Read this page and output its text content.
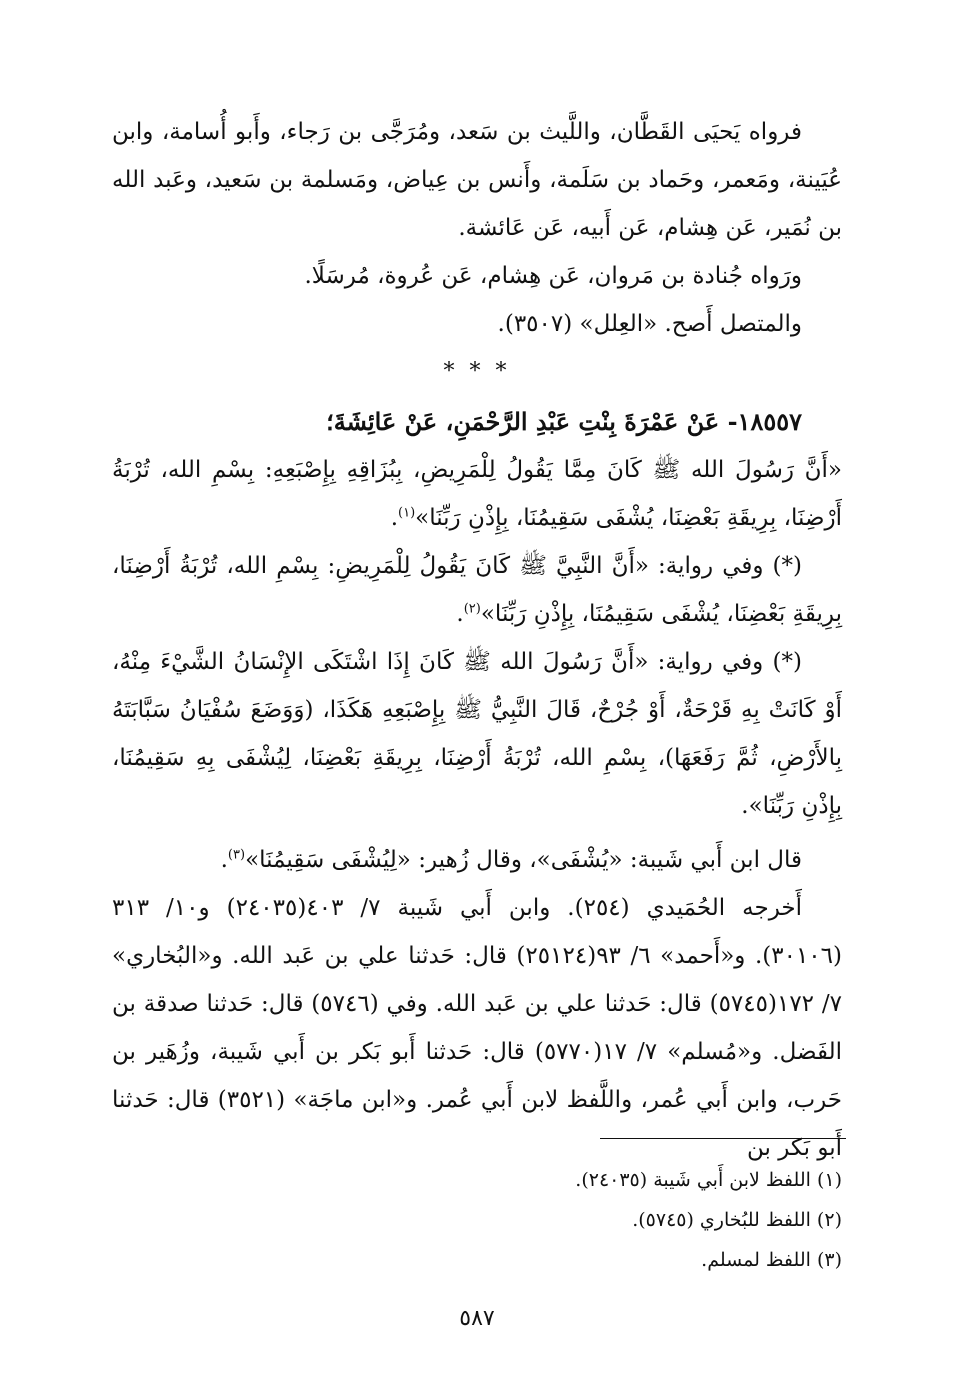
فرواه يَحيَى القَطَّان، واللَّيث بن سَعد، ومُرَجَّى بن رَجاء، وأَبو أُسامة، وابن عُيَينة، ومَعمر، وحَماد بن سَلَمة، وأَنس بن عِياض، ومَسلمة بن سَعيد، وعَبد الله بن نُمَير، عَن هِشام، عَن أَبيه، عَن عَائشة.

ورَواه جُنادة بن مَروان، عَن هِشام، عَن عُروة، مُرسَلًا.

والمتصل أَصح. «العِلل» (٣٥٠٧).

* * *

١٨٥٥٧- عَنْ عَمْرَةَ بِنْتِ عَبْدِ الرَّحْمَنِ، عَنْ عَائِشَةَ؛

«أَنَّ رَسُولَ الله ﷺ كَانَ مِمَّا يَقُولُ لِلْمَرِيضِ، بِبُزَاقِهِ بِإِصْبَعِهِ: بِسْمِ الله، تُرْبَةُ أَرْضِنَا، بِرِيقَةِ بَعْضِنَا، يُشْفَى سَقِيمُنَا، بِإِذْنِ رَبِّنَا»$^{(١)}$.

(*) وفي رواية: «أَنَّ النَّبِيَّ ﷺ كَانَ يَقُولُ لِلْمَرِيضِ: بِسْمِ الله، تُرْبَةُ أَرْضِنَا، بِرِيقَةِ بَعْضِنَا، يُشْفَى سَقِيمُنَا، بِإِذْنِ رَبِّنَا»$^{(٢)}$.

(*) وفي رواية: «أَنَّ رَسُولَ الله ﷺ كَانَ إِذَا اشْتَكَى الإِنْسَانُ الشَّيْءَ مِنْهُ، أَوْ كَانَتْ بِهِ قَرْحَةٌ، أَوْ جُرْحٌ، قَالَ النَّبِيُّ ﷺ بِإِصْبَعِهِ هَكَذَا، (وَوَضَعَ سُفْيَانُ سَبَّابَتَهُ بِالأَرْضِ، ثُمَّ رَفَعَهَا)، بِسْمِ الله، تُرْبَةُ أَرْضِنَا، بِرِيقَةِ بَعْضِنَا، لِيُشْفَى بِهِ سَقِيمُنَا، بِإِذْنِ رَبِّنَا».

قال ابن أَبي شَيبة: «يُشْفَى»، وقال زُهير: «لِيُشْفَى سَقِيمُنَا»$^{(٣)}$.

أَخرجه الحُمَيدي (٢٥٤). وابن أَبي شَيبة ٧/ ٤٠٣(٢٤٠٣٥) و١٠/ ٣١٣ (٣٠١٠٦). و«أَحمد» ٦/ ٩٣(٢٥١٢٤) قال: حَدثنا علي بن عَبد الله. و«البُخاري» ٧/ ١٧٢(٥٧٤٥) قال: حَدثنا علي بن عَبد الله. وفي (٥٧٤٦) قال: حَدثنا صدقة بن الفَضل. و«مُسلم» ٧/ ١٧(٥٧٧٠) قال: حَدثنا أَبو بَكر بن أَبي شَيبة، وزُهَير بن حَرب، وابن أَبي عُمر، واللَّفظ لابن أَبي عُمر. و«ابن ماجَة» (٣٥٢١) قال: حَدثنا أَبو بَكر بن

(١) اللفظ لابن أَبي شَيبة (٢٤٠٣٥).

(٢) اللفظ للبُخاري (٥٧٤٥).

(٣) اللفظ لمسلم.

٥٨٧
